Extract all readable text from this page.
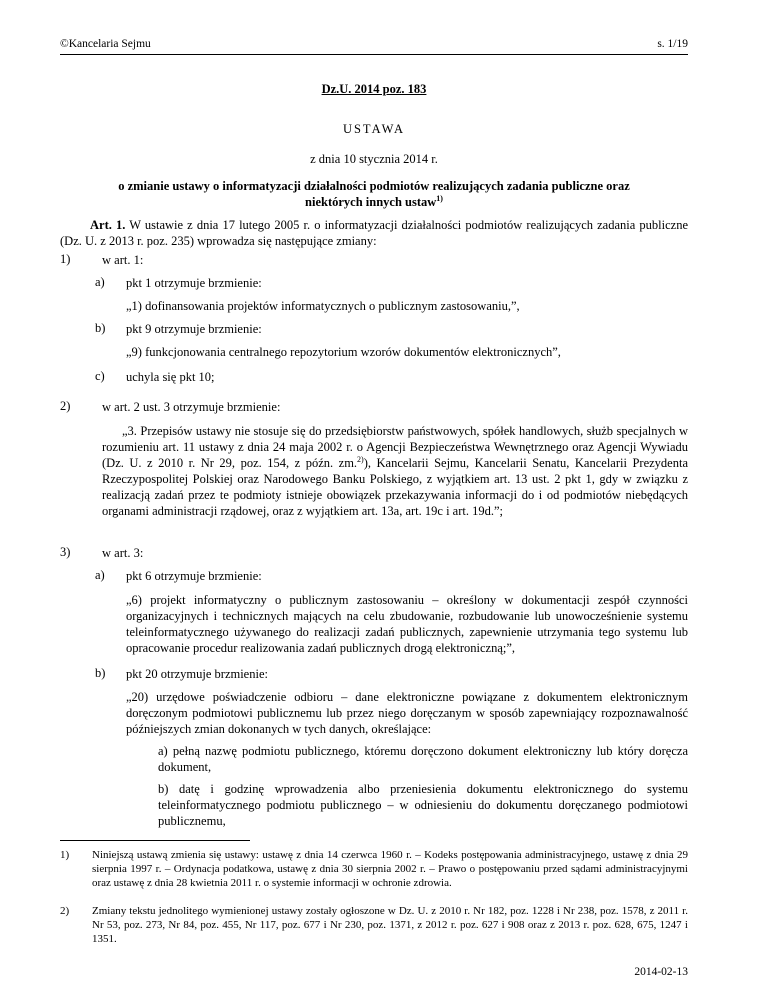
©Kancelaria Sejmu	s. 1/19
Dz.U. 2014 poz. 183
USTAWA
z dnia 10 stycznia 2014 r.
o zmianie ustawy o informatyzacji działalności podmiotów realizujących zadania publiczne oraz niektórych innych ustaw$^{1)}$
Art. 1. W ustawie z dnia 17 lutego 2005 r. o informatyzacji działalności podmiotów realizujących zadania publiczne (Dz. U. z 2013 r. poz. 235) wprowadza się następujące zmiany:
1)	w art. 1:
a) pkt 1 otrzymuje brzmienie:
„1) dofinansowania projektów informatycznych o publicznym zastosowaniu,”,
b) pkt 9 otrzymuje brzmienie:
„9) funkcjonowania centralnego repozytorium wzorów dokumentów elektronicznych”,
c) uchyla się pkt 10;
2)	w art. 2 ust. 3 otrzymuje brzmienie:
„3. Przepisów ustawy nie stosuje się do przedsiębiorstw państwowych, spółek handlowych, służb specjalnych w rozumieniu art. 11 ustawy z dnia 24 maja 2002 r. o Agencji Bezpieczeństwa Wewnętrznego oraz Agencji Wywiadu (Dz. U. z 2010 r. Nr 29, poz. 154, z późn. zm.$^{2)}$), Kancelarii Sejmu, Kancelarii Senatu, Kancelarii Prezydenta Rzeczypospolitej Polskiej oraz Narodowego Banku Polskiego, z wyjątkiem art. 13 ust. 2 pkt 1, gdy w związku z realizacją zadań przez te podmioty istnieje obowiązek przekazywania informacji do i od podmiotów niebędących organami administracji rządowej, oraz z wyjątkiem art. 13a, art. 19c i art. 19d.”;
3)	w art. 3:
a) pkt 6 otrzymuje brzmienie:
„6) projekt informatyczny o publicznym zastosowaniu – określony w dokumentacji zespół czynności organizacyjnych i technicznych mających na celu zbudowanie, rozbudowanie lub unowocześnienie systemu teleinformatycznego używanego do realizacji zadań publicznych, zapewnienie utrzymania tego systemu lub opracowanie procedur realizowania zadań publicznych drogą elektroniczną;”,
b) pkt 20 otrzymuje brzmienie:
„20) urzędowe poświadczenie odbioru – dane elektroniczne powiązane z dokumentem elektronicznym doręczonym podmiotowi publicznemu lub przez niego doręczanym w sposób zapewniający rozpoznawalność późniejszych zmian dokonanych w tych danych, określające:
a) pełną nazwę podmiotu publicznego, któremu doręczono dokument elektroniczny lub który doręcza dokument,
b) datę i godzinę wprowadzenia albo przeniesienia dokumentu elektronicznego do systemu teleinformatycznego podmiotu publicznego – w odniesieniu do dokumentu doręczanego podmiotowi publicznemu,
1) Niniejszą ustawą zmienia się ustawy: ustawę z dnia 14 czerwca 1960 r. – Kodeks postępowania administracyjnego, ustawę z dnia 29 sierpnia 1997 r. – Ordynacja podatkowa, ustawę z dnia 30 sierpnia 2002 r. – Prawo o postępowaniu przed sądami administracyjnymi oraz ustawę z dnia 28 kwietnia 2011 r. o systemie informacji w ochronie zdrowia.
2) Zmiany tekstu jednolitego wymienionej ustawy zostały ogłoszone w Dz. U. z 2010 r. Nr 182, poz. 1228 i Nr 238, poz. 1578, z 2011 r. Nr 53, poz. 273, Nr 84, poz. 455, Nr 117, poz. 677 i Nr 230, poz. 1371, z 2012 r. poz. 627 i 908 oraz z 2013 r. poz. 628, 675, 1247 i 1351.
2014-02-13
